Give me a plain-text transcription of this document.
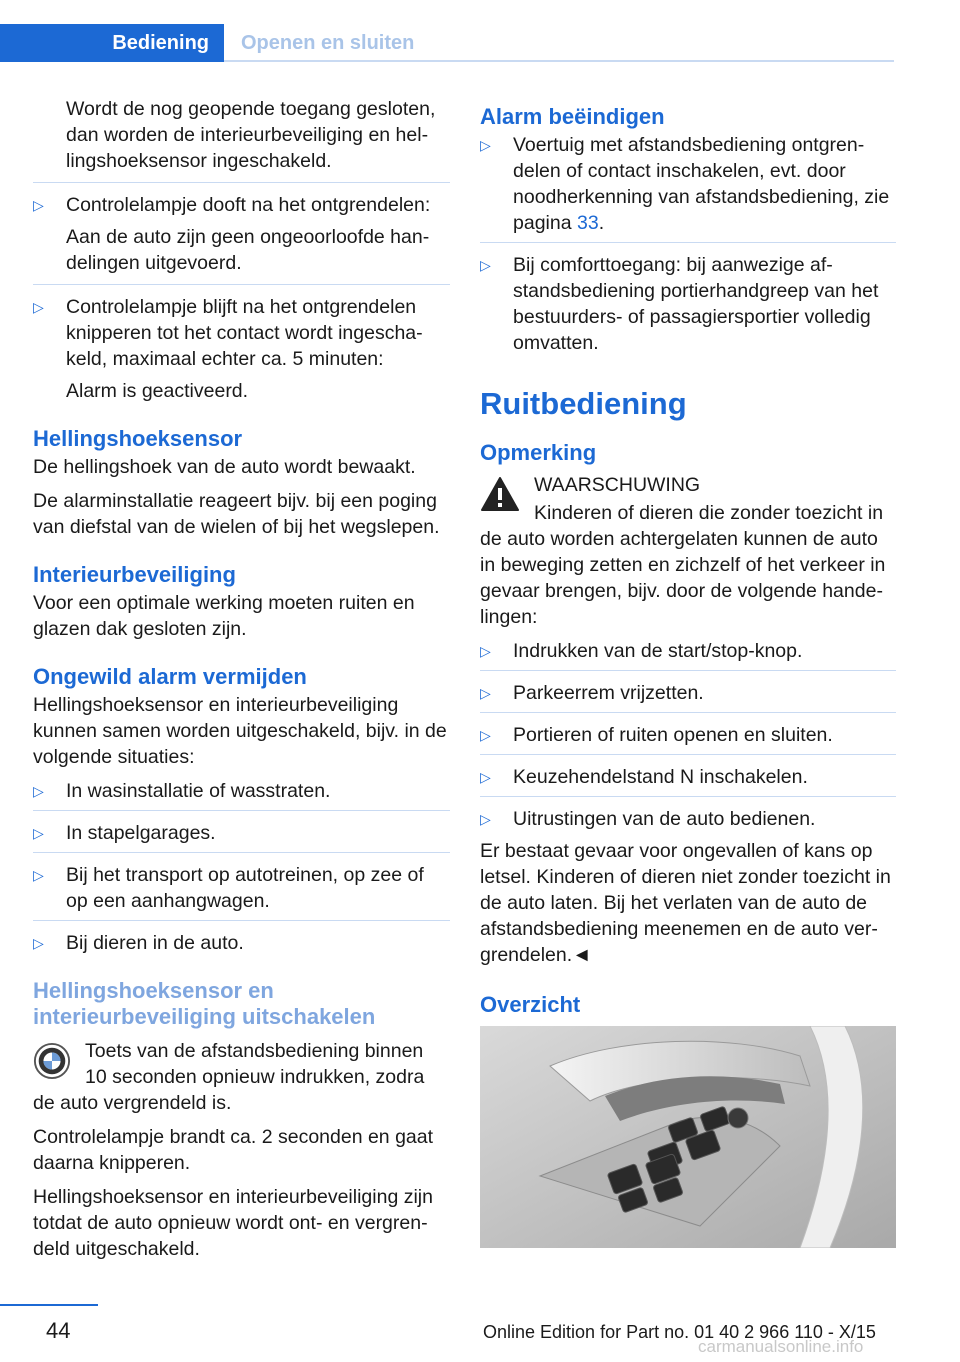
Bediening	Openen en sluiten

Wordt de nog geopende toegang gesloten, dan worden de interieurbeveiliging en hellingshoeksensor ingeschakeld.

▷	Controlelampje dooft na het ontgrendelen:

Aan de auto zijn geen ongeoorloofde handelingen uitgevoerd.

▷	Controlelampje blijft na het ontgrendelen knipperen tot het contact wordt ingeschakeld, maximaal echter ca. 5 minuten:

Alarm is geactiveerd.

Hellingshoeksensor

De hellingshoek van de auto wordt bewaakt.

De alarminstallatie reageert bijv. bij een poging van diefstal van de wielen of bij het wegslepen.

Interieurbeveiliging

Voor een optimale werking moeten ruiten en glazen dak gesloten zijn.

Ongewild alarm vermijden

Hellingshoeksensor en interieurbeveiliging kunnen samen worden uitgeschakeld, bijv. in de volgende situaties:

▷	In wasinstallatie of wasstraten.
▷	In stapelgarages.
▷	Bij het transport op autotreinen, op zee of op een aanhangwagen.
▷	Bij dieren in de auto.
Hellingshoeksensor en interieurbeveiliging uitschakelen

Toets van de afstandsbediening binnen 10 seconden opnieuw indrukken, zodra de auto vergrendeld is.

Controlelampje brandt ca. 2 seconden en gaat daarna knipperen.

Hellingshoeksensor en interieurbeveiliging zijn totdat de auto opnieuw wordt ont- en vergrendeld uitgeschakeld.

Alarm beëindigen
▷	Voertuig met afstandsbediening ontgrendelen of contact inschakelen, evt. door noodherkenning van afstandsbediening, zie pagina 33.
▷	Bij comforttoegang: bij aanwezige afstandsbediening portierhandgreep van het bestuurders- of passagiersportier volledig omvatten.
Ruitbediening
Opmerking

WAARSCHUWING

Kinderen of dieren die zonder toezicht in de auto worden achtergelaten kunnen de auto in beweging zetten en zichzelf of het verkeer in gevaar brengen, bijv. door de volgende handelingen:

▷	Indrukken van de start/stop-knop.
▷	Parkeerrem vrijzetten.
▷	Portieren of ruiten openen en sluiten.
▷	Keuzehendelstand N inschakelen.
▷	Uitrustingen van de auto bedienen.

Er bestaat gevaar voor ongevallen of kans op letsel. Kinderen of dieren niet zonder toezicht in de auto laten. Bij het verlaten van de auto de afstandsbediening meenemen en de auto vergrendelen.◄

Overzicht
44	Online Edition for Part no. 01 40 2 966 110 - X/15
carmanualsonline.info
